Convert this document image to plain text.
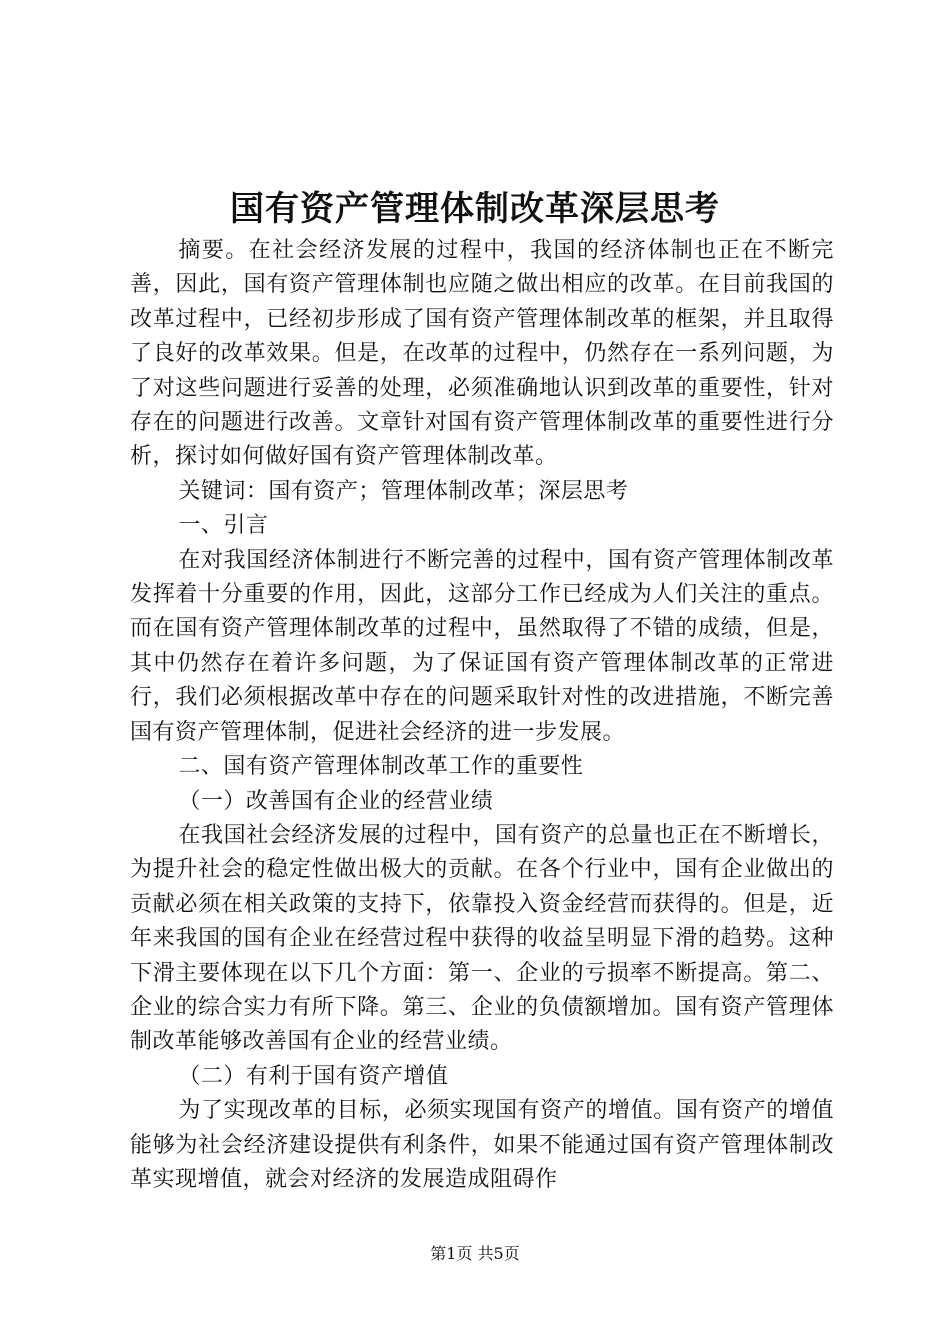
国有资产管理体制改革深层思考

摘要。在社会经济发展的过程中，我国的经济体制也正在不断完善，因此，国有资产管理体制也应随之做出相应的改革。在目前我国的改革过程中，已经初步形成了国有资产管理体制改革的框架，并且取得了良好的改革效果。但是，在改革的过程中，仍然存在一系列问题，为了对这些问题进行妥善的处理，必须准确地认识到改革的重要性，针对存在的问题进行改善。文章针对国有资产管理体制改革的重要性进行分析，探讨如何做好国有资产管理体制改革。

关键词：国有资产；管理体制改革；深层思考

一、引言

在对我国经济体制进行不断完善的过程中，国有资产管理体制改革发挥着十分重要的作用，因此，这部分工作已经成为人们关注的重点。而在国有资产管理体制改革的过程中，虽然取得了不错的成绩，但是，其中仍然存在着许多问题，为了保证国有资产管理体制改革的正常进行，我们必须根据改革中存在的问题采取针对性的改进措施，不断完善国有资产管理体制，促进社会经济的进一步发展。

二、国有资产管理体制改革工作的重要性

（一）改善国有企业的经营业绩

在我国社会经济发展的过程中，国有资产的总量也正在不断增长，为提升社会的稳定性做出极大的贡献。在各个行业中，国有企业做出的贡献必须在相关政策的支持下，依靠投入资金经营而获得的。但是，近年来我国的国有企业在经营过程中获得的收益呈明显下滑的趋势。这种下滑主要体现在以下几个方面：第一、企业的亏损率不断提高。第二、企业的综合实力有所下降。第三、企业的负债额增加。国有资产管理体制改革能够改善国有企业的经营业绩。

（二）有利于国有资产增值

为了实现改革的目标，必须实现国有资产的增值。国有资产的增值能够为社会经济建设提供有利条件，如果不能通过国有资产管理体制改革实现增值，就会对经济的发展造成阻碍作

第1页 共5页
